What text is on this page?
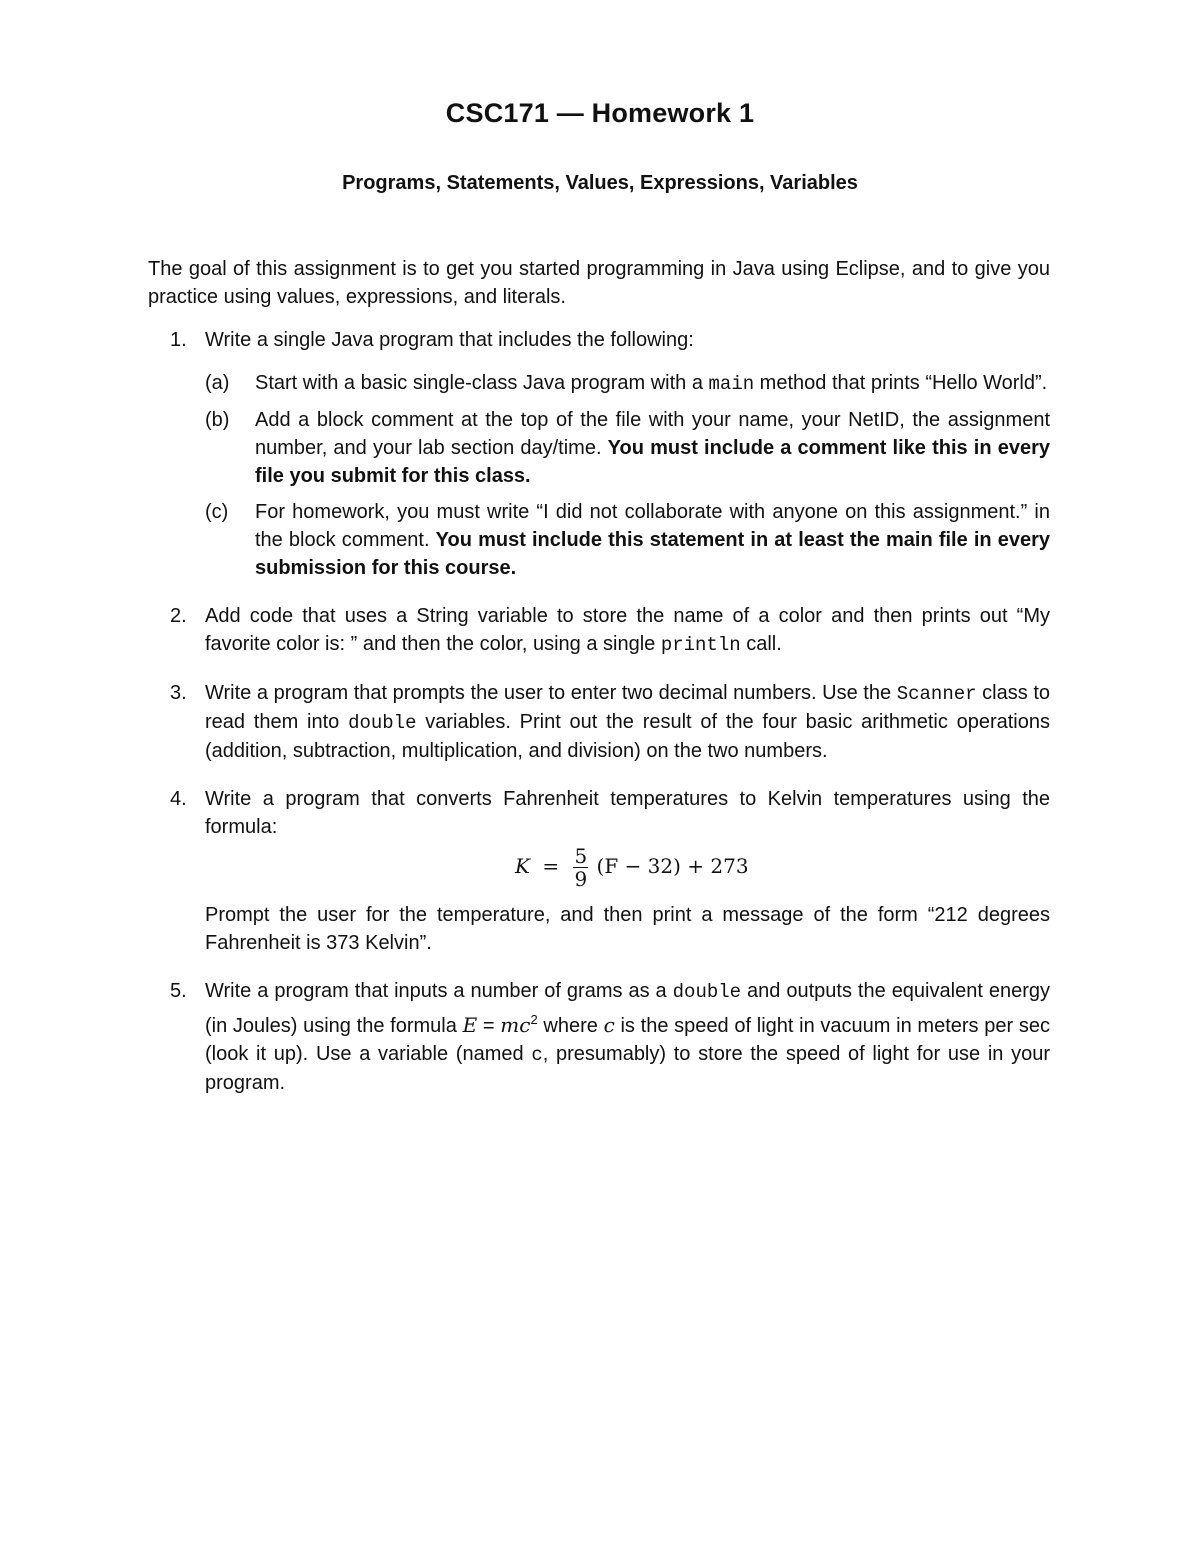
CSC171 — Homework 1
Programs, Statements, Values, Expressions, Variables
The goal of this assignment is to get you started programming in Java using Eclipse, and to give you practice using values, expressions, and literals.
1. Write a single Java program that includes the following:
(a) Start with a basic single-class Java program with a main method that prints “Hello World”.
(b) Add a block comment at the top of the file with your name, your NetID, the assignment number, and your lab section day/time. You must include a comment like this in every file you submit for this class.
(c) For homework, you must write “I did not collaborate with anyone on this assignment.” in the block comment. You must include this statement in at least the main file in every submission for this course.
2. Add code that uses a String variable to store the name of a color and then prints out “My favorite color is: ” and then the color, using a single println call.
3. Write a program that prompts the user to enter two decimal numbers. Use the Scanner class to read them into double variables. Print out the result of the four basic arithmetic operations (addition, subtraction, multiplication, and division) on the two numbers.
4. Write a program that converts Fahrenheit temperatures to Kelvin temperatures using the formula:
$K = \frac{5}{9} (F - 32) + 273$
Prompt the user for the temperature, and then print a message of the form “212 degrees Fahrenheit is 373 Kelvin”.
5. Write a program that inputs a number of grams as a double and outputs the equivalent energy (in Joules) using the formula $E = mc^2$ where c is the speed of light in vacuum in meters per sec (look it up). Use a variable (named c, presumably) to store the speed of light for use in your program.
